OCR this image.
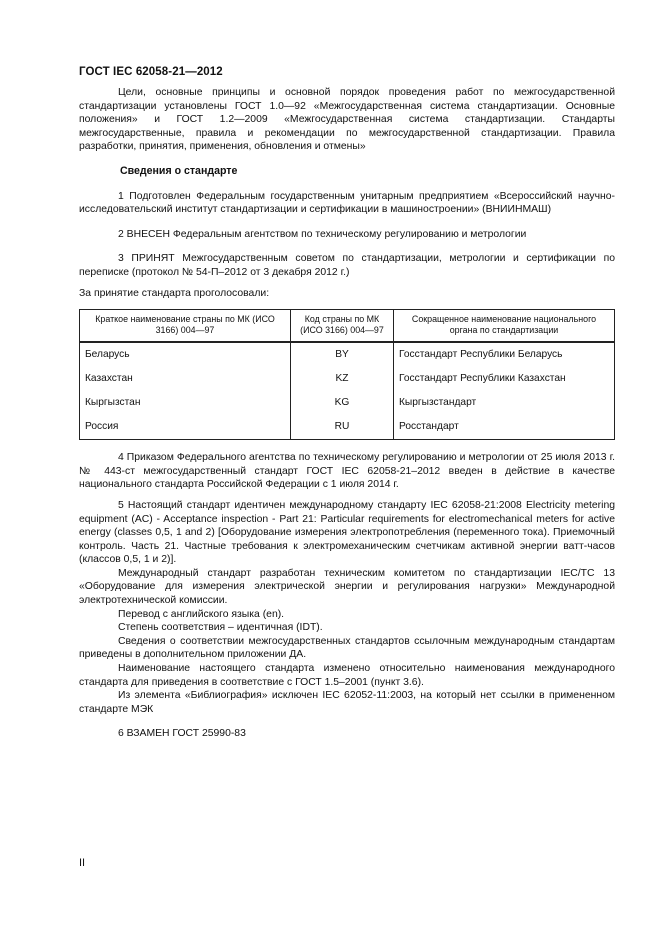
ГОСТ IEC 62058-21—2012

Цели, основные принципы и основной порядок проведения работ по межгосударственной стандартизации установлены ГОСТ 1.0—92 «Межгосударственная система стандартизации. Основные положения» и ГОСТ 1.2—2009 «Межгосударственная система стандартизации. Стандарты межгосударственные, правила и рекомендации по межгосударственной стандартизации. Правила разработки, принятия, применения, обновления и отмены»

Сведения о стандарте

1 Подготовлен Федеральным государственным унитарным предприятием «Всероссийский научно-исследовательский институт стандартизации и сертификации в машиностроении» (ВНИИНМАШ)

2 ВНЕСЕН Федеральным агентством по техническому регулированию и метрологии

3 ПРИНЯТ Межгосударственным советом по стандартизации, метрологии и сертификации по переписке (протокол № 54-П–2012 от 3 декабря 2012 г.)

За принятие стандарта проголосовали:

Краткое наименование страны по МК (ИСО 3166) 004—97	Код страны по МК (ИСО 3166) 004—97	Сокращенное наименование национального органа по стандартизации
Беларусь	BY	Госстандарт Республики Беларусь
Казахстан	KZ	Госстандарт Республики Казахстан
Кыргызстан	KG	Кыргызстандарт
Россия	RU	Росстандарт

4 Приказом Федерального агентства по техническому регулированию и метрологии от 25 июля 2013 г. № 443-ст межгосударственный стандарт ГОСТ IEC 62058-21–2012 введен в действие в качестве национального стандарта Российской Федерации с 1 июля 2014 г.

5 Настоящий стандарт идентичен международному стандарту IEC 62058-21:2008 Electricity metering equipment (AC) - Acceptance inspection - Part 21: Particular requirements for electromechanical meters for active energy (classes 0,5, 1 and 2) [Оборудование измерения электропотребления (переменного тока). Приемочный контроль. Часть 21. Частные требования к электромеханическим счетчикам активной энергии ватт-часов (классов 0,5, 1 и 2)].

Международный стандарт разработан техническим комитетом по стандартизации IEC/TC 13 «Оборудование для измерения электрической энергии и регулирования нагрузки» Международной электротехнической комиссии.

Перевод с английского языка (en).

Степень соответствия – идентичная (IDT).

Сведения о соответствии межгосударственных стандартов ссылочным международным стандартам приведены в дополнительном приложении ДА.

Наименование настоящего стандарта изменено относительно наименования международного стандарта для приведения в соответствие с ГОСТ 1.5–2001 (пункт 3.6).

Из элемента «Библиография» исключен IEC 62052-11:2003, на который нет ссылки в примененном стандарте МЭК

6 ВЗАМЕН ГОСТ 25990-83

II
